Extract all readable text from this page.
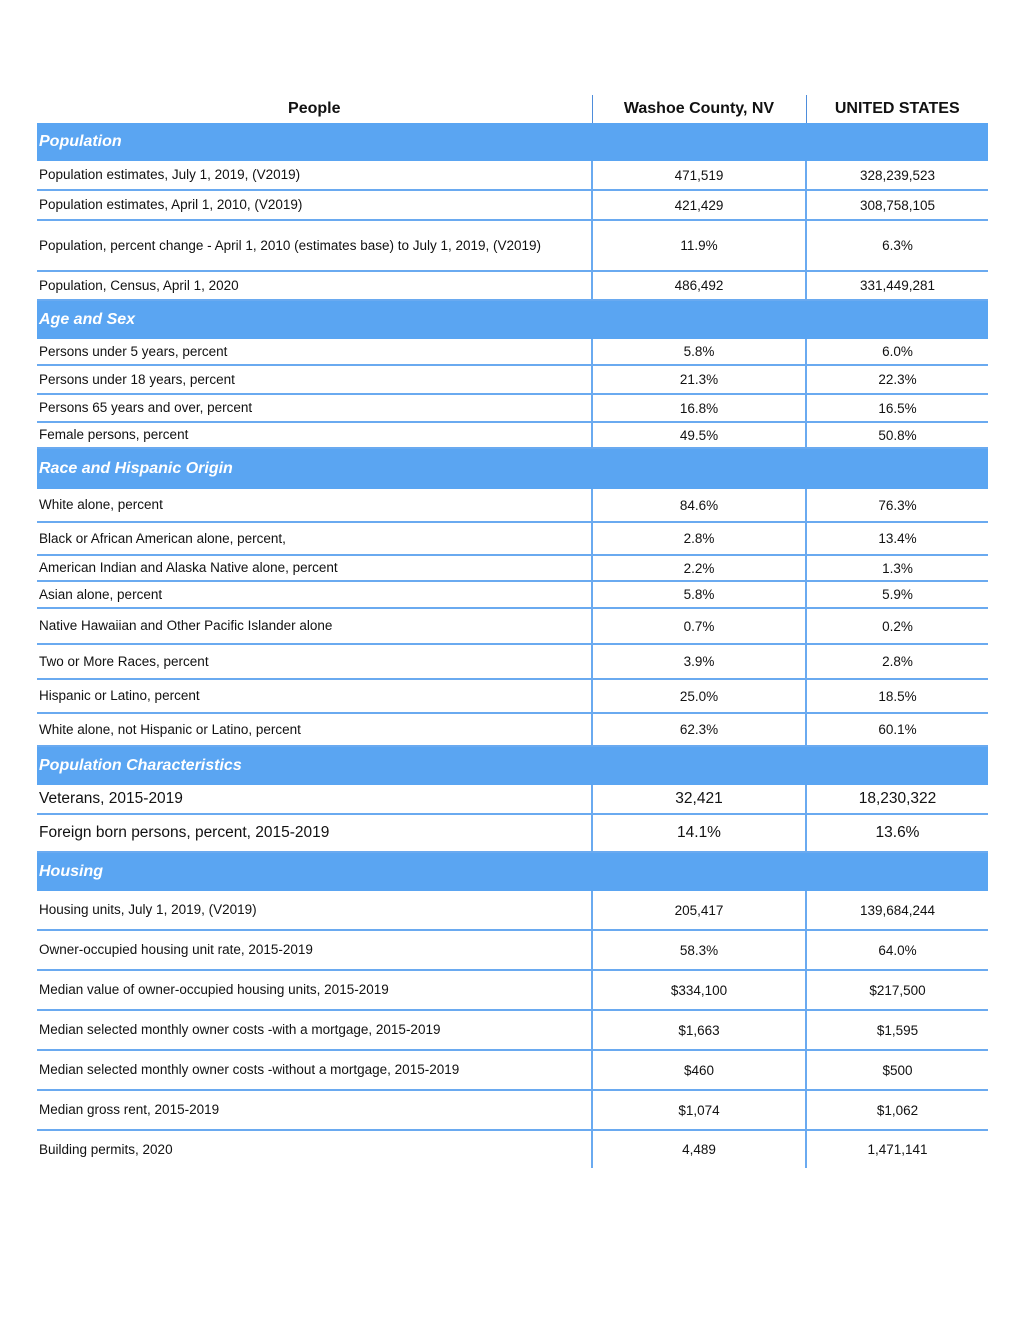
People	Washoe County, NV	UNITED STATES
Population		
Population estimates, July 1, 2019, (V2019)	471,519	328,239,523
Population estimates, April 1, 2010, (V2019)	421,429	308,758,105
Population, percent change - April 1, 2010 (estimates base) to July 1, 2019, (V2019)	11.9%	6.3%
Population, Census, April 1, 2020	486,492	331,449,281
Age and Sex		
Persons under 5 years, percent	5.8%	6.0%
Persons under 18 years, percent	21.3%	22.3%
Persons 65 years and over, percent	16.8%	16.5%
Female persons, percent	49.5%	50.8%
Race and Hispanic Origin		
White alone, percent	84.6%	76.3%
Black or African American alone, percent,	2.8%	13.4%
American Indian and Alaska Native alone, percent	2.2%	1.3%
Asian alone, percent	5.8%	5.9%
Native Hawaiian and Other Pacific Islander alone	0.7%	0.2%
Two or More Races, percent	3.9%	2.8%
Hispanic or Latino, percent	25.0%	18.5%
White alone, not Hispanic or Latino, percent	62.3%	60.1%
Population Characteristics		
Veterans, 2015-2019	32,421	18,230,322
Foreign born persons, percent, 2015-2019	14.1%	13.6%
Housing		
Housing units, July 1, 2019, (V2019)	205,417	139,684,244
Owner-occupied housing unit rate, 2015-2019	58.3%	64.0%
Median value of owner-occupied housing units, 2015-2019	$334,100	$217,500
Median selected monthly owner costs -with a mortgage, 2015-2019	$1,663	$1,595
Median selected monthly owner costs -without a mortgage, 2015-2019	$460	$500
Median gross rent, 2015-2019	$1,074	$1,062
Building permits, 2020	4,489	1,471,141
